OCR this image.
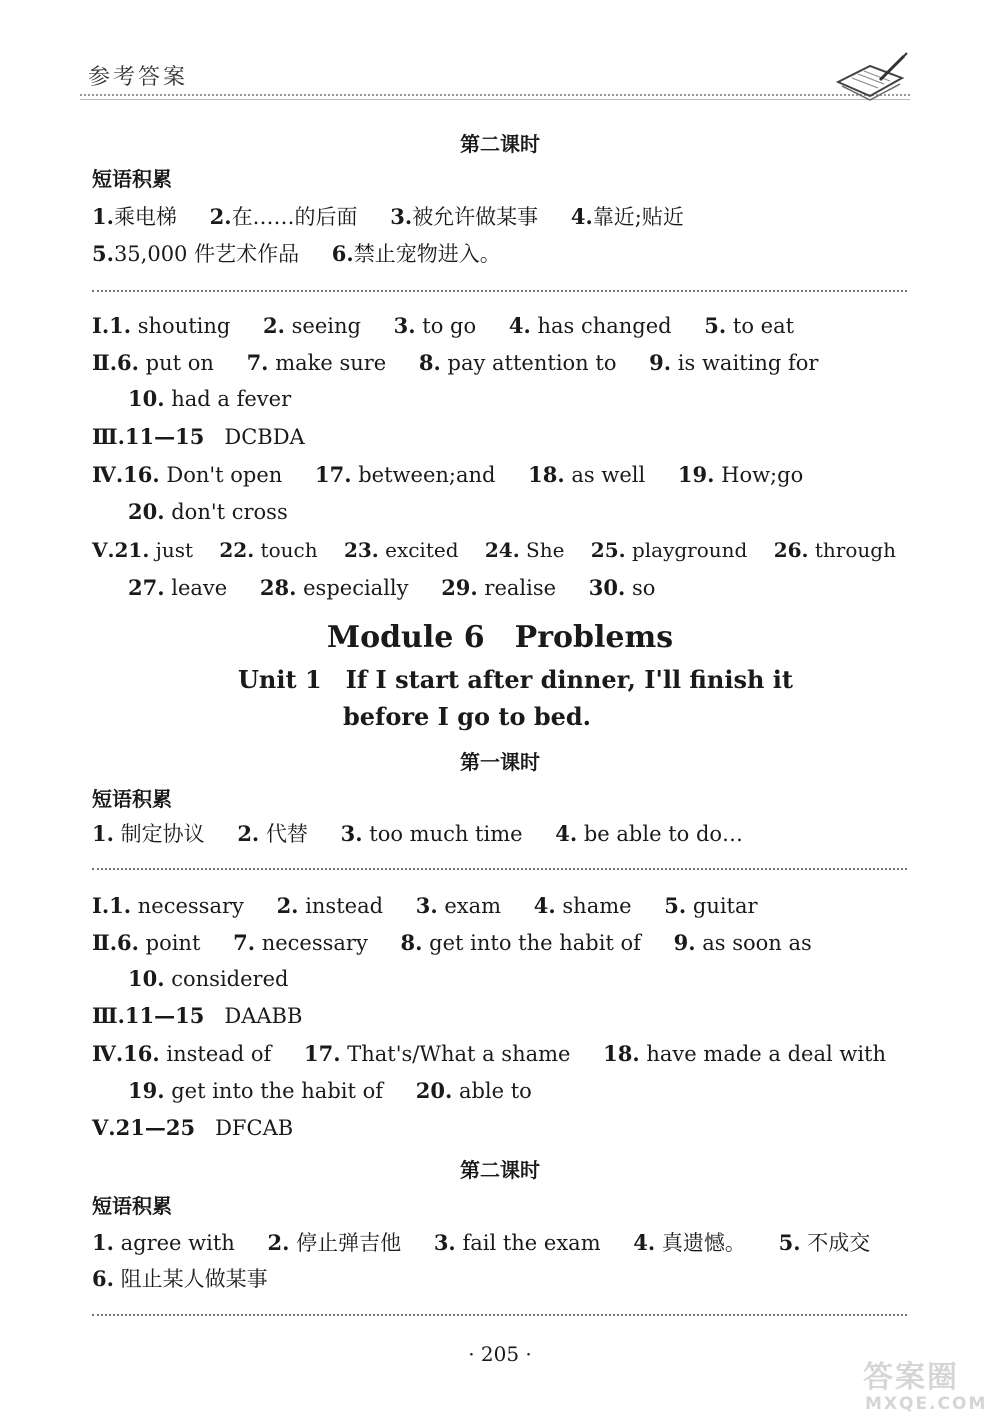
参考答案
第二课时
短语积累
1.乘电梯 2.在……的后面 3.被允许做某事 4.靠近;贴近
5.35,000 件艺术作品 6.禁止宠物进入。
Ⅰ.1. shouting 2. seeing 3. to go 4. has changed 5. to eat
Ⅱ.6. put on 7. make sure 8. pay attention to 9. is waiting for
10. had a fever
Ⅲ.11—15 DCBDA
Ⅳ.16. Don't open 17. between;and 18. as well 19. How;go
20. don't cross
Ⅴ.21. just 22. touch 23. excited 24. She 25. playground 26. through
27. leave 28. especially 29. realise 30. so
Module 6　Problems
Unit 1　If I start after dinner, I'll finish it
before I go to bed.
第一课时
短语积累
1. 制定协议 2. 代替 3. too much time 4. be able to do…
Ⅰ.1. necessary 2. instead 3. exam 4. shame 5. guitar
Ⅱ.6. point 7. necessary 8. get into the habit of 9. as soon as
10. considered
Ⅲ.11—15 DAABB
Ⅳ.16. instead of 17. That's/What a shame 18. have made a deal with
19. get into the habit of 20. able to
Ⅴ.21—25 DFCAB
第二课时
短语积累
1. agree with 2. 停止弹吉他 3. fail the exam 4. 真遗憾。 5. 不成交
6. 阻止某人做某事
· 205 ·
答案圈
MXQE.COM
